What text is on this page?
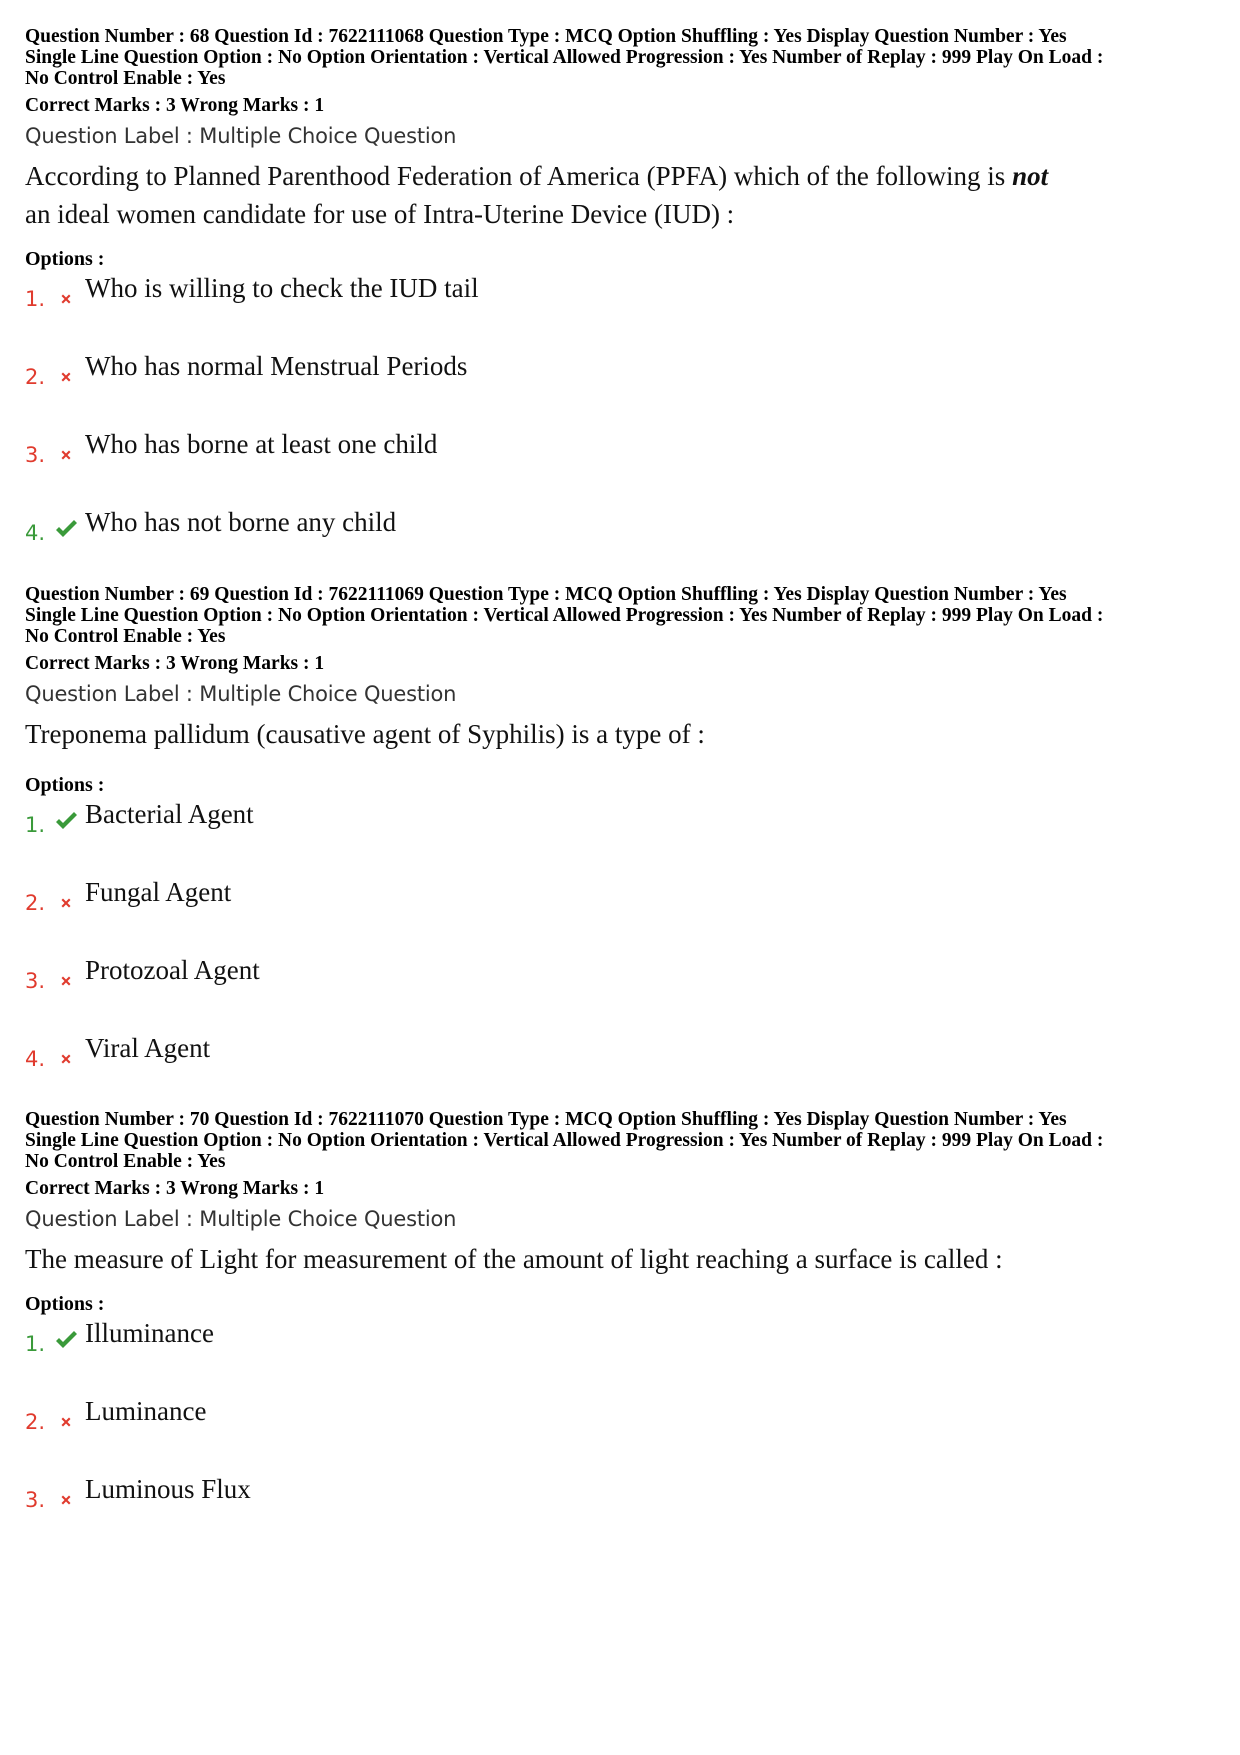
Question Number : 68 Question Id : 7622111068 Question Type : MCQ Option Shuffling : Yes Display Question Number : Yes
Single Line Question Option : No Option Orientation : Vertical Allowed Progression : Yes Number of Replay : 999 Play On Load :
No Control Enable : Yes
Correct Marks : 3 Wrong Marks : 1
Question Label : Multiple Choice Question
According to Planned Parenthood Federation of America (PPFA) which of the following is not an ideal women candidate for use of Intra-Uterine Device (IUD) :
Options :
1. Who is willing to check the IUD tail
2. Who has normal Menstrual Periods
3. Who has borne at least one child
4. Who has not borne any child
Question Number : 69 Question Id : 7622111069 Question Type : MCQ Option Shuffling : Yes Display Question Number : Yes
Single Line Question Option : No Option Orientation : Vertical Allowed Progression : Yes Number of Replay : 999 Play On Load :
No Control Enable : Yes
Correct Marks : 3 Wrong Marks : 1
Question Label : Multiple Choice Question
Treponema pallidum (causative agent of Syphilis) is a type of :
Options :
1. Bacterial Agent
2. Fungal Agent
3. Protozoal Agent
4. Viral Agent
Question Number : 70 Question Id : 7622111070 Question Type : MCQ Option Shuffling : Yes Display Question Number : Yes
Single Line Question Option : No Option Orientation : Vertical Allowed Progression : Yes Number of Replay : 999 Play On Load :
No Control Enable : Yes
Correct Marks : 3 Wrong Marks : 1
Question Label : Multiple Choice Question
The measure of Light for measurement of the amount of light reaching a surface is called :
Options :
1. Illuminance
2. Luminance
3. Luminous Flux
